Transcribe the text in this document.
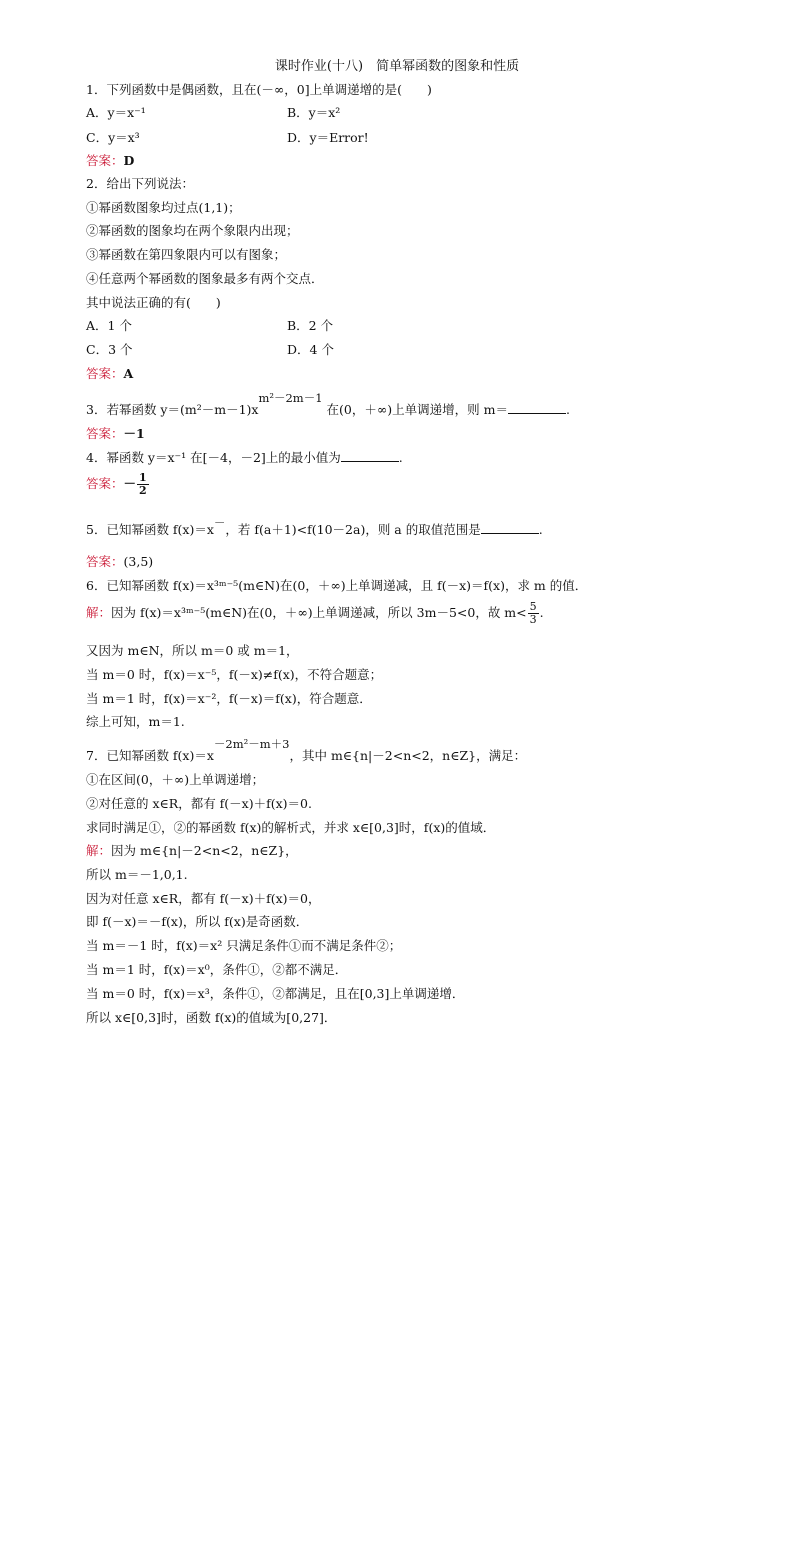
课时作业(十八)　简单幂函数的图象和性质
1．下列函数中是偶函数，且在(－∞，0]上单调递增的是(　　)
A．y＝x⁻¹	B．y＝x²
C．y＝x³	D．y＝Error!
答案：D
2．给出下列说法：
①幂函数图象均过点(1,1)；
②幂函数的图象均在两个象限内出现；
③幂函数在第四象限内可以有图象；
④任意两个幂函数的图象最多有两个交点．
其中说法正确的有(　　)
A．1 个	B．2 个
C．3 个	D．4 个
答案：A
3．若幂函数 y＝(m²－m－1)xm²－2m－1 在(0，＋∞)上单调递增，则 m＝	.
答案：－1
4．幂函数 y＝x⁻¹ 在[－4，－2]上的最小值为	.
答案：－ $\frac{1}{2}$
5．已知幂函数 f(x)＝x－，若 f(a＋1)<f(10－2a)，则 a 的取值范围是	.
答案：(3,5)
6．已知幂函数 f(x)＝x³ᵐ⁻⁵(m∈N)在(0，＋∞)上单调递减，且 f(－x)＝f(x)，求 m 的值．
解：因为 f(x)＝x³ᵐ⁻⁵(m∈N)在(0，＋∞)上单调递减，所以 3m－5<0，故 $m< \frac{5}{3}$ .
又因为 m∈N，所以 m＝0 或 m＝1，
当 m＝0 时，f(x)＝x⁻⁵，f(－x)≠f(x)，不符合题意；
当 m＝1 时，f(x)＝x⁻²，f(－x)＝f(x)，符合题意．
综上可知，m＝1.
7．已知幂函数 f(x)＝x－2m²－m＋3，其中 m∈{n|－2<n<2，n∈Z}，满足：
①在区间(0，＋∞)上单调递增；
②对任意的 x∈R，都有 f(－x)＋f(x)＝0.
求同时满足①，②的幂函数 f(x)的解析式，并求 x∈[0,3]时，f(x)的值域．
解：因为 m∈{n|－2<n<2，n∈Z}，
所以 m＝－1,0,1.
因为对任意 x∈R，都有 f(－x)＋f(x)＝0，
即 f(－x)＝－f(x)，所以 f(x)是奇函数．
当 m＝－1 时，f(x)＝x² 只满足条件①而不满足条件②；
当 m＝1 时，f(x)＝x⁰，条件①，②都不满足．
当 m＝0 时，f(x)＝x³，条件①，②都满足，且在[0,3]上单调递增．
所以 x∈[0,3]时，函数 f(x)的值域为[0,27]．
